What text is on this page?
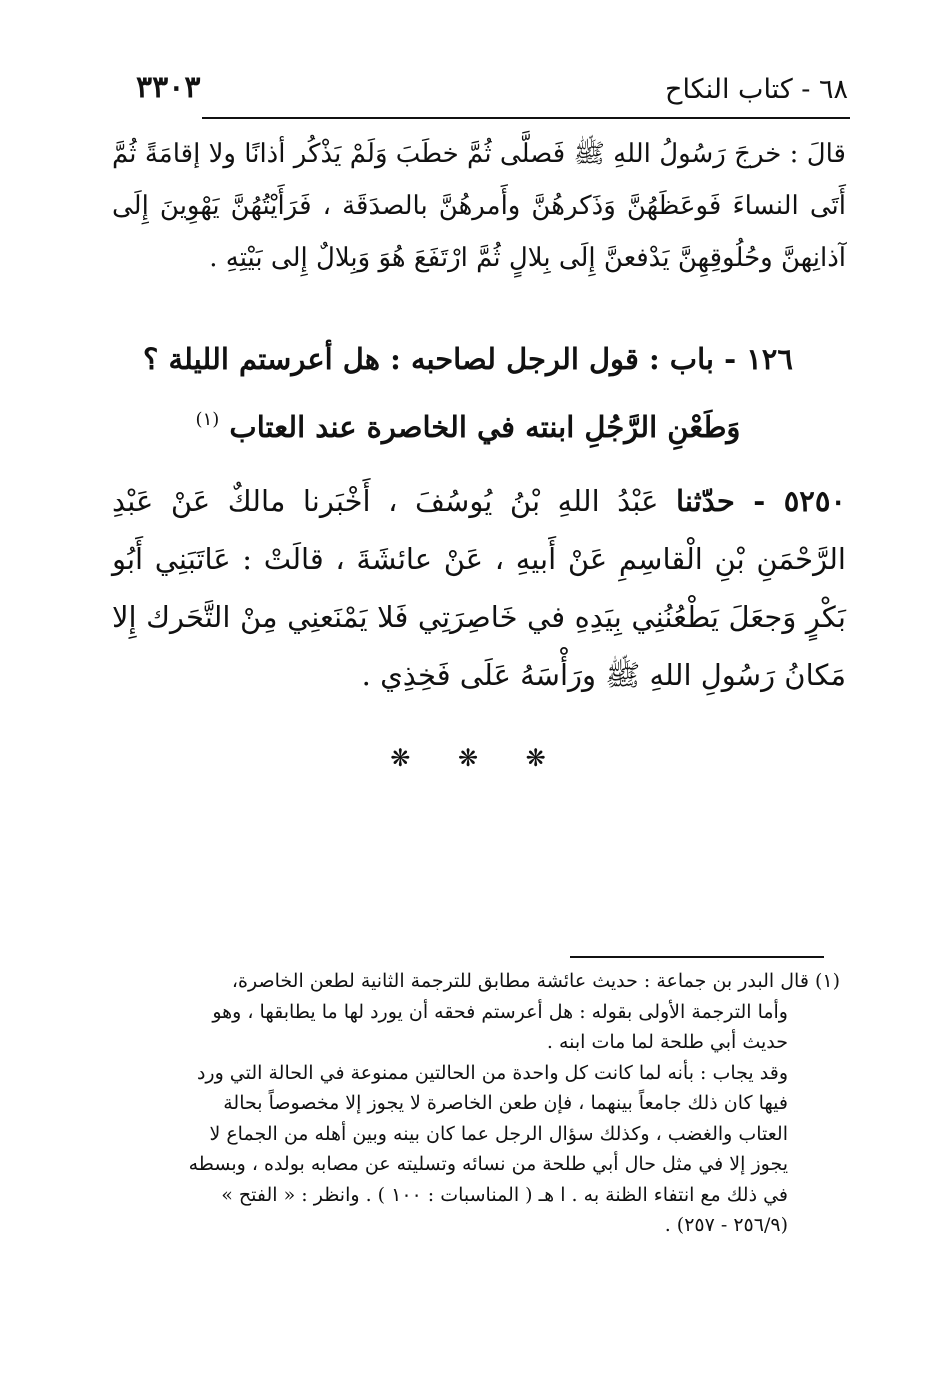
٣٣٠٣	٦٨ - كتاب النكاح
قالَ : خرجَ رَسُولُ اللهِ ﷺ فَصلَّى ثُمَّ خطَبَ وَلَمْ يَذْكُر أذانًا ولا إقامَةً ثُمَّ أَتَى النساءَ فَوعَظَهُنَّ وَذَكرهُنَّ وأَمرهُنَّ بالصدَقَة ، فَرَأَيْتُهُنَّ يَهْوِينَ إِلَى آذانِهنَّ وحُلُوقِهِنَّ يَدْفعنَّ إِلَى بِلالٍ ثُمَّ ارْتَفَعَ هُوَ وَبِلالٌ إِلى بَيْتِهِ .
١٢٦ - باب : قول الرجل لصاحبه : هل أعرستم الليلة ؟
وَطَعْنِ الرَّجُلِ ابنته في الخاصرة عند العتاب $^{(١)}$
٥٢٥٠ - حدّثنا عَبْدُ اللهِ بْنُ يُوسُفَ ، أَخْبَرنا مالكٌ عَنْ عَبْدِ الرَّحْمَنِ بْنِ الْقاسِمِ عَنْ أَبيهِ ، عَنْ عائشَةَ ، قالَتْ : عَاتَبَنِي أَبُو بَكْرٍ وَجعَلَ يَطْعُنُنِي بِيَدِهِ في خَاصِرَتِي فَلا يَمْنَعنِي مِنْ التَّحَرك إِلا مَكانُ رَسُولِ اللهِ ﷺ ورَأْسَهُ عَلَى فَخِذِي .
❋ ❋ ❋
(١) قال البدر بن جماعة : حديث عائشة مطابق للترجمة الثانية لطعن الخاصرة،
وأما الترجمة الأولى بقوله : هل أعرستم فحقه أن يورد لها ما يطابقها ، وهو
حديث أبي طلحة لما مات ابنه .
وقد يجاب : بأنه لما كانت كل واحدة من الحالتين ممنوعة في الحالة التي ورد
فيها كان ذلك جامعاً بينهما ، فإن طعن الخاصرة لا يجوز إلا مخصوصاً بحالة
العتاب والغضب ، وكذلك سؤال الرجل عما كان بينه وبين أهله من الجماع لا
يجوز إلا في مثل حال أبي طلحة من نسائه وتسليته عن مصابه بولده ، وبسطه
في ذلك مع انتفاء الظنة به . ا هـ ( المناسبات : ١٠٠ ) . وانظر : « الفتح »
(٢٥٦/٩ - ٢٥٧) .
